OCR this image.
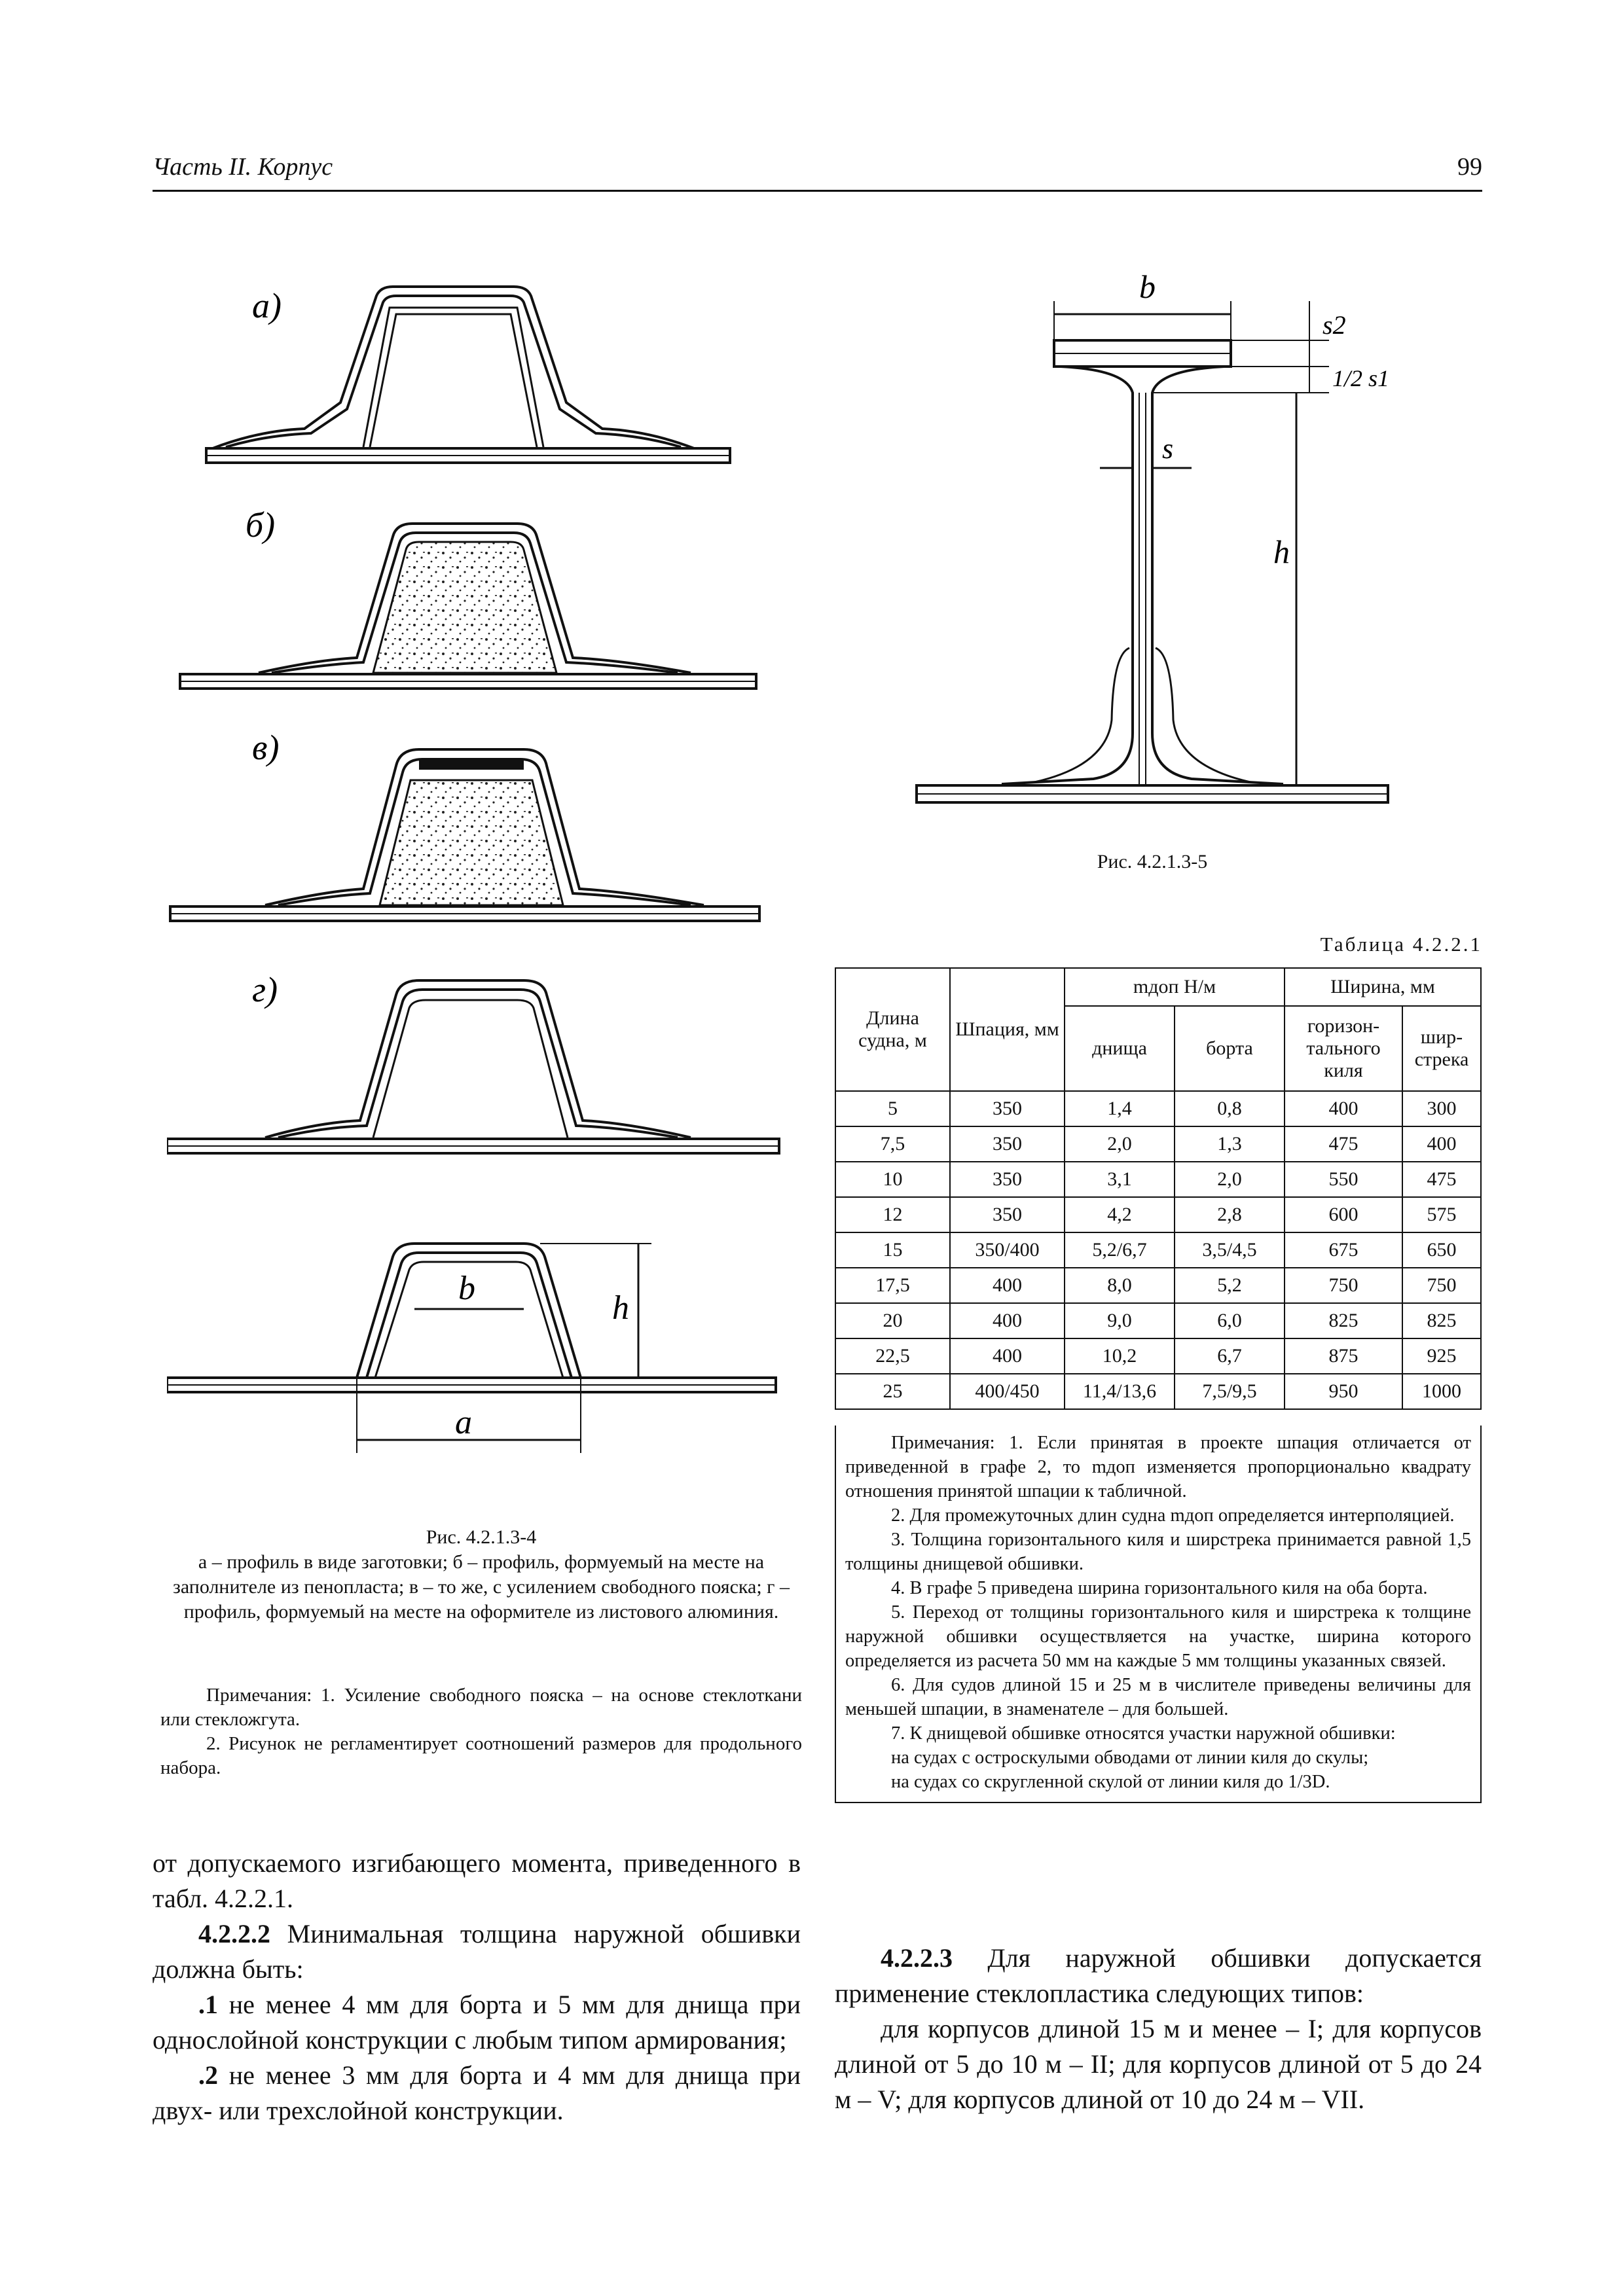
Часть II. Корпус	99
а)
б)
в)
г)
b
h
a
b
s2
1/2 s1
s
h
Рис. 4.2.1.3-5
Таблица 4.2.2.1
Длина судна, м	Шпация, мм	mдоп Н/м		Ширина, мм	
		днища	борта	горизон-тального киля	шир-стрека
5	350	1,4	0,8	400	300
7,5	350	2,0	1,3	475	400
10	350	3,1	2,0	550	475
12	350	4,2	2,8	600	575
15	350/400	5,2/6,7	3,5/4,5	675	650
17,5	400	8,0	5,2	750	750
20	400	9,0	6,0	825	825
22,5	400	10,2	6,7	875	925
25	400/450	11,4/13,6	7,5/9,5	950	1000

Примечания: 1. Если принятая в проекте шпация отличается от приведенной в графе 2, то mдоп изменяется пропорционально квадрату отношения принятой шпации к табличной.

2. Для промежуточных длин судна mдоп определяется интерполяцией.

3. Толщина горизонтального киля и ширстрека принимается равной 1,5 толщины днищевой обшивки.

4. В графе 5 приведена ширина горизонтального киля на оба борта.

5. Переход от толщины горизонтального киля и ширстрека к толщине наружной обшивки осуществляется на участке, ширина которого определяется из расчета 50 мм на каждые 5 мм толщины указанных связей.

6. Для судов длиной 15 и 25 м в числителе приведены величины для меньшей шпации, в знаменателе – для большей.

7. К днищевой обшивке относятся участки наружной обшивки:

на судах с остроскулыми обводами от линии киля до скулы;

на судах со скругленной скулой от линии киля до 1/3D.

Рис. 4.2.1.3-4
а – профиль в виде заготовки; б – профиль, формуемый на месте на заполнителе из пенопласта; в – то же, с усилением свободного пояска; г – профиль, формуемый на месте на оформителе из листового алюминия.

Примечания: 1. Усиление свободного пояска – на основе стеклоткани или стекложгута.

2. Рисунок не регламентирует соотношений размеров для продольного набора.

от допускаемого изгибающего момента, приведенного в табл. 4.2.2.1.

4.2.2.2 Минимальная толщина наружной обшивки должна быть:

.1 не менее 4 мм для борта и 5 мм для днища при однослойной конструкции с любым типом армирования;

.2 не менее 3 мм для борта и 4 мм для днища при двух- или трехслойной конструкции.

4.2.2.3 Для наружной обшивки допускается применение стеклопластика следующих типов:

для корпусов длиной 15 м и менее – I; для корпусов длиной от 5 до 10 м – II; для корпусов длиной от 5 до 24 м – V; для корпусов длиной от 10 до 24 м – VII.
